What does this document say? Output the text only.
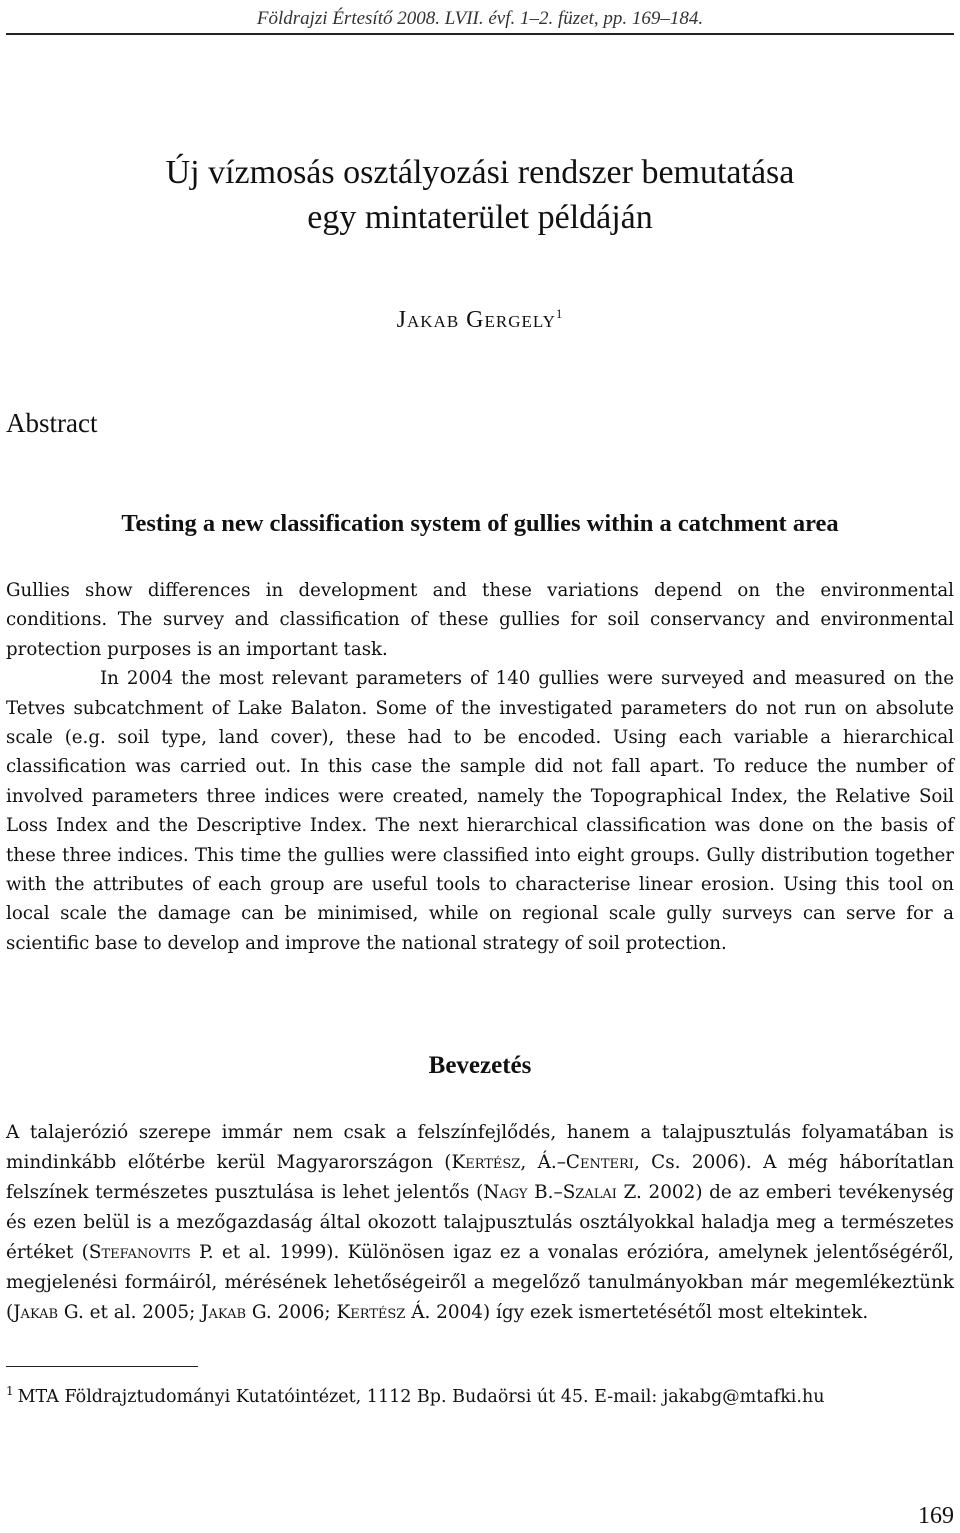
Földrajzi Értesítő 2008. LVII. évf. 1–2. füzet, pp. 169–184.
Új vízmosás osztályozási rendszer bemutatása
egy mintaterület példáján
Jakab Gergely$^1$
Abstract
Testing a new classification system of gullies within a catchment area

Gullies show differences in development and these variations depend on the environmental conditions. The survey and classification of these gullies for soil conservancy and environmental protection purposes is an important task.

In 2004 the most relevant parameters of 140 gullies were surveyed and measured on the Tetves subcatchment of Lake Balaton. Some of the investigated parameters do not run on absolute scale (e.g. soil type, land cover), these had to be encoded. Using each variable a hierarchical classification was carried out. In this case the sample did not fall apart. To reduce the number of involved parameters three indices were created, namely the Topographical Index, the Relative Soil Loss Index and the Descriptive Index. The next hierarchical classification was done on the basis of these three indices. This time the gullies were classified into eight groups. Gully distribution together with the attributes of each group are useful tools to characterise linear erosion. Using this tool on local scale the damage can be minimised, while on regional scale gully surveys can serve for a scientific base to develop and improve the national strategy of soil protection.

Bevezetés

A talajerózió szerepe immár nem csak a felszínfejlődés, hanem a talajpusztulás folyamatában is mindinkább előtérbe kerül Magyarországon (Kertész, Á.–Centeri, Cs. 2006). A még háborítatlan felszínek természetes pusztulása is lehet jelentős (Nagy B.–Szalai Z. 2002) de az emberi tevékenység és ezen belül is a mezőgazdaság által okozott talajpusztulás osztályokkal haladja meg a természetes értéket (Stefanovits P. et al. 1999). Különösen igaz ez a vonalas erózióra, amelynek jelentőségéről, megjelenési formáiról, mérésének lehetőségeiről a megelőző tanulmányokban már megemlékeztünk (Jakab G. et al. 2005; Jakab G. 2006; Kertész Á. 2004) így ezek ismertetésétől most eltekintek.

$^1$ MTA Földrajztudományi Kutatóintézet, 1112 Bp. Budaörsi út 45. E-mail: jakabg@mtafki.hu
169
